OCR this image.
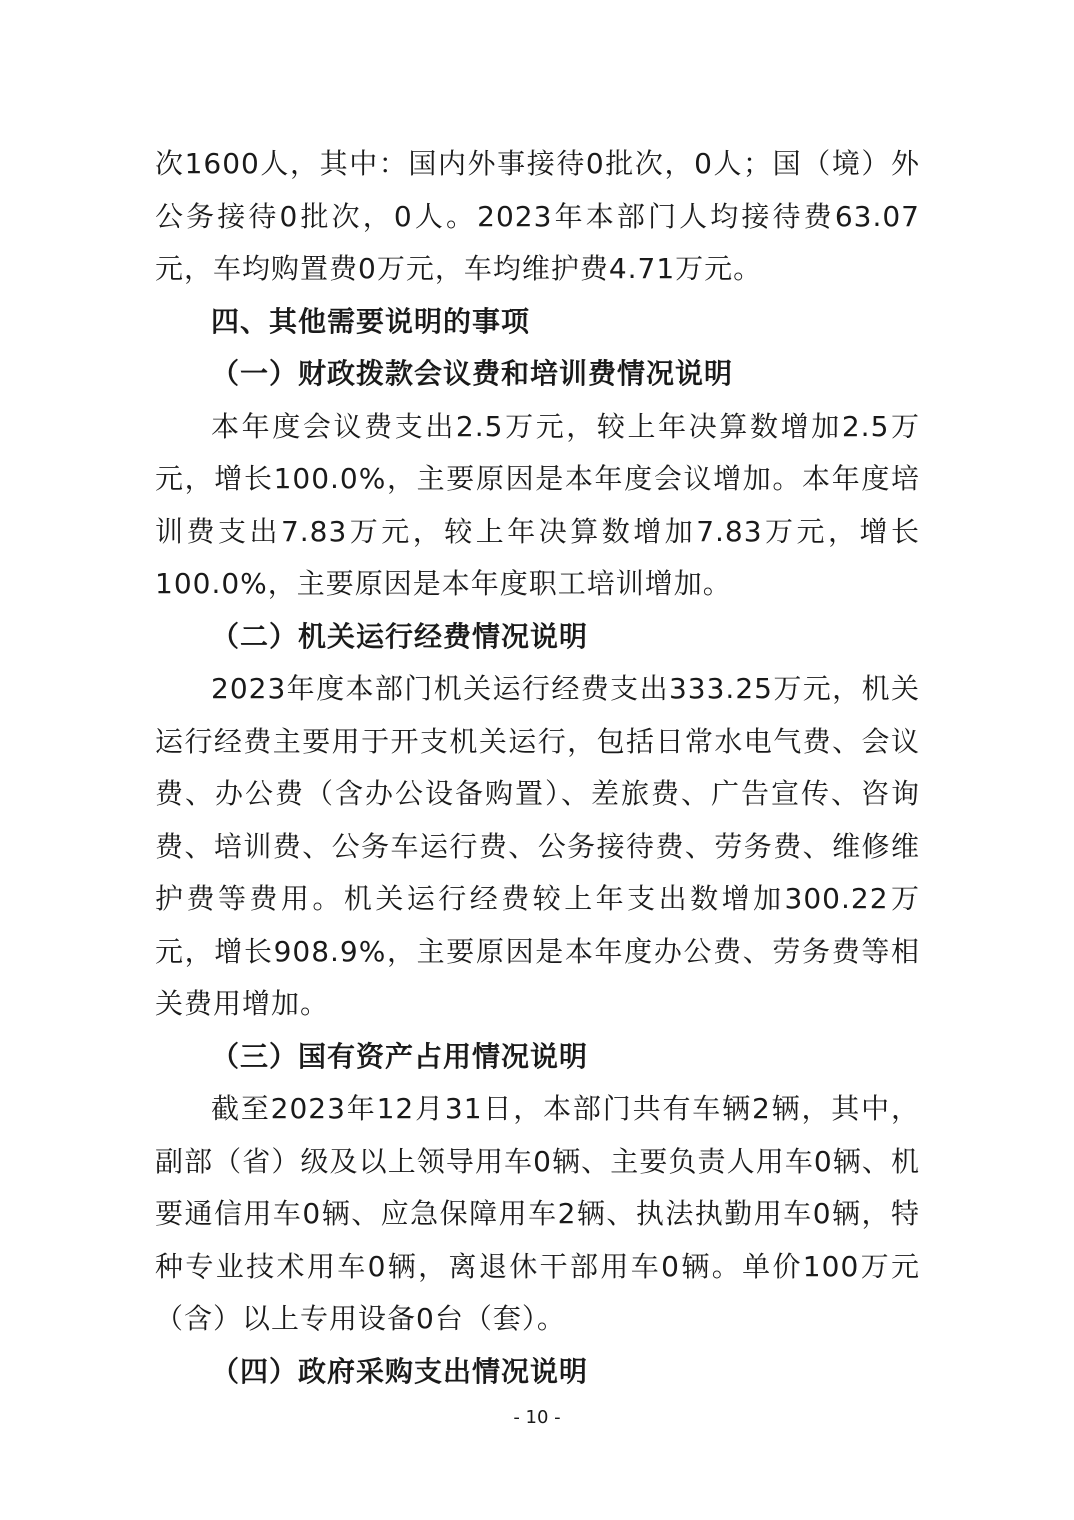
次1600人，其中：国内外事接待0批次，0人；国（境）外公务接待0批次，0人。2023年本部门人均接待费63.07元，车均购置费0万元，车均维护费4.71万元。

四、其他需要说明的事项

（一）财政拨款会议费和培训费情况说明

本年度会议费支出2.5万元，较上年决算数增加2.5万元，增长100.0%，主要原因是本年度会议增加。本年度培训费支出7.83万元，较上年决算数增加7.83万元，增长100.0%，主要原因是本年度职工培训增加。

（二）机关运行经费情况说明

2023年度本部门机关运行经费支出333.25万元，机关运行经费主要用于开支机关运行，包括日常水电气费、会议费、办公费（含办公设备购置）、差旅费、广告宣传、咨询费、培训费、公务车运行费、公务接待费、劳务费、维修维护费等费用。机关运行经费较上年支出数增加300.22万元，增长908.9%，主要原因是本年度办公费、劳务费等相关费用增加。

（三）国有资产占用情况说明

截至2023年12月31日，本部门共有车辆2辆，其中，副部（省）级及以上领导用车0辆、主要负责人用车0辆、机要通信用车0辆、应急保障用车2辆、执法执勤用车0辆，特种专业技术用车0辆，离退休干部用车0辆。单价100万元（含）以上专用设备0台（套）。

（四）政府采购支出情况说明

- 10 -
